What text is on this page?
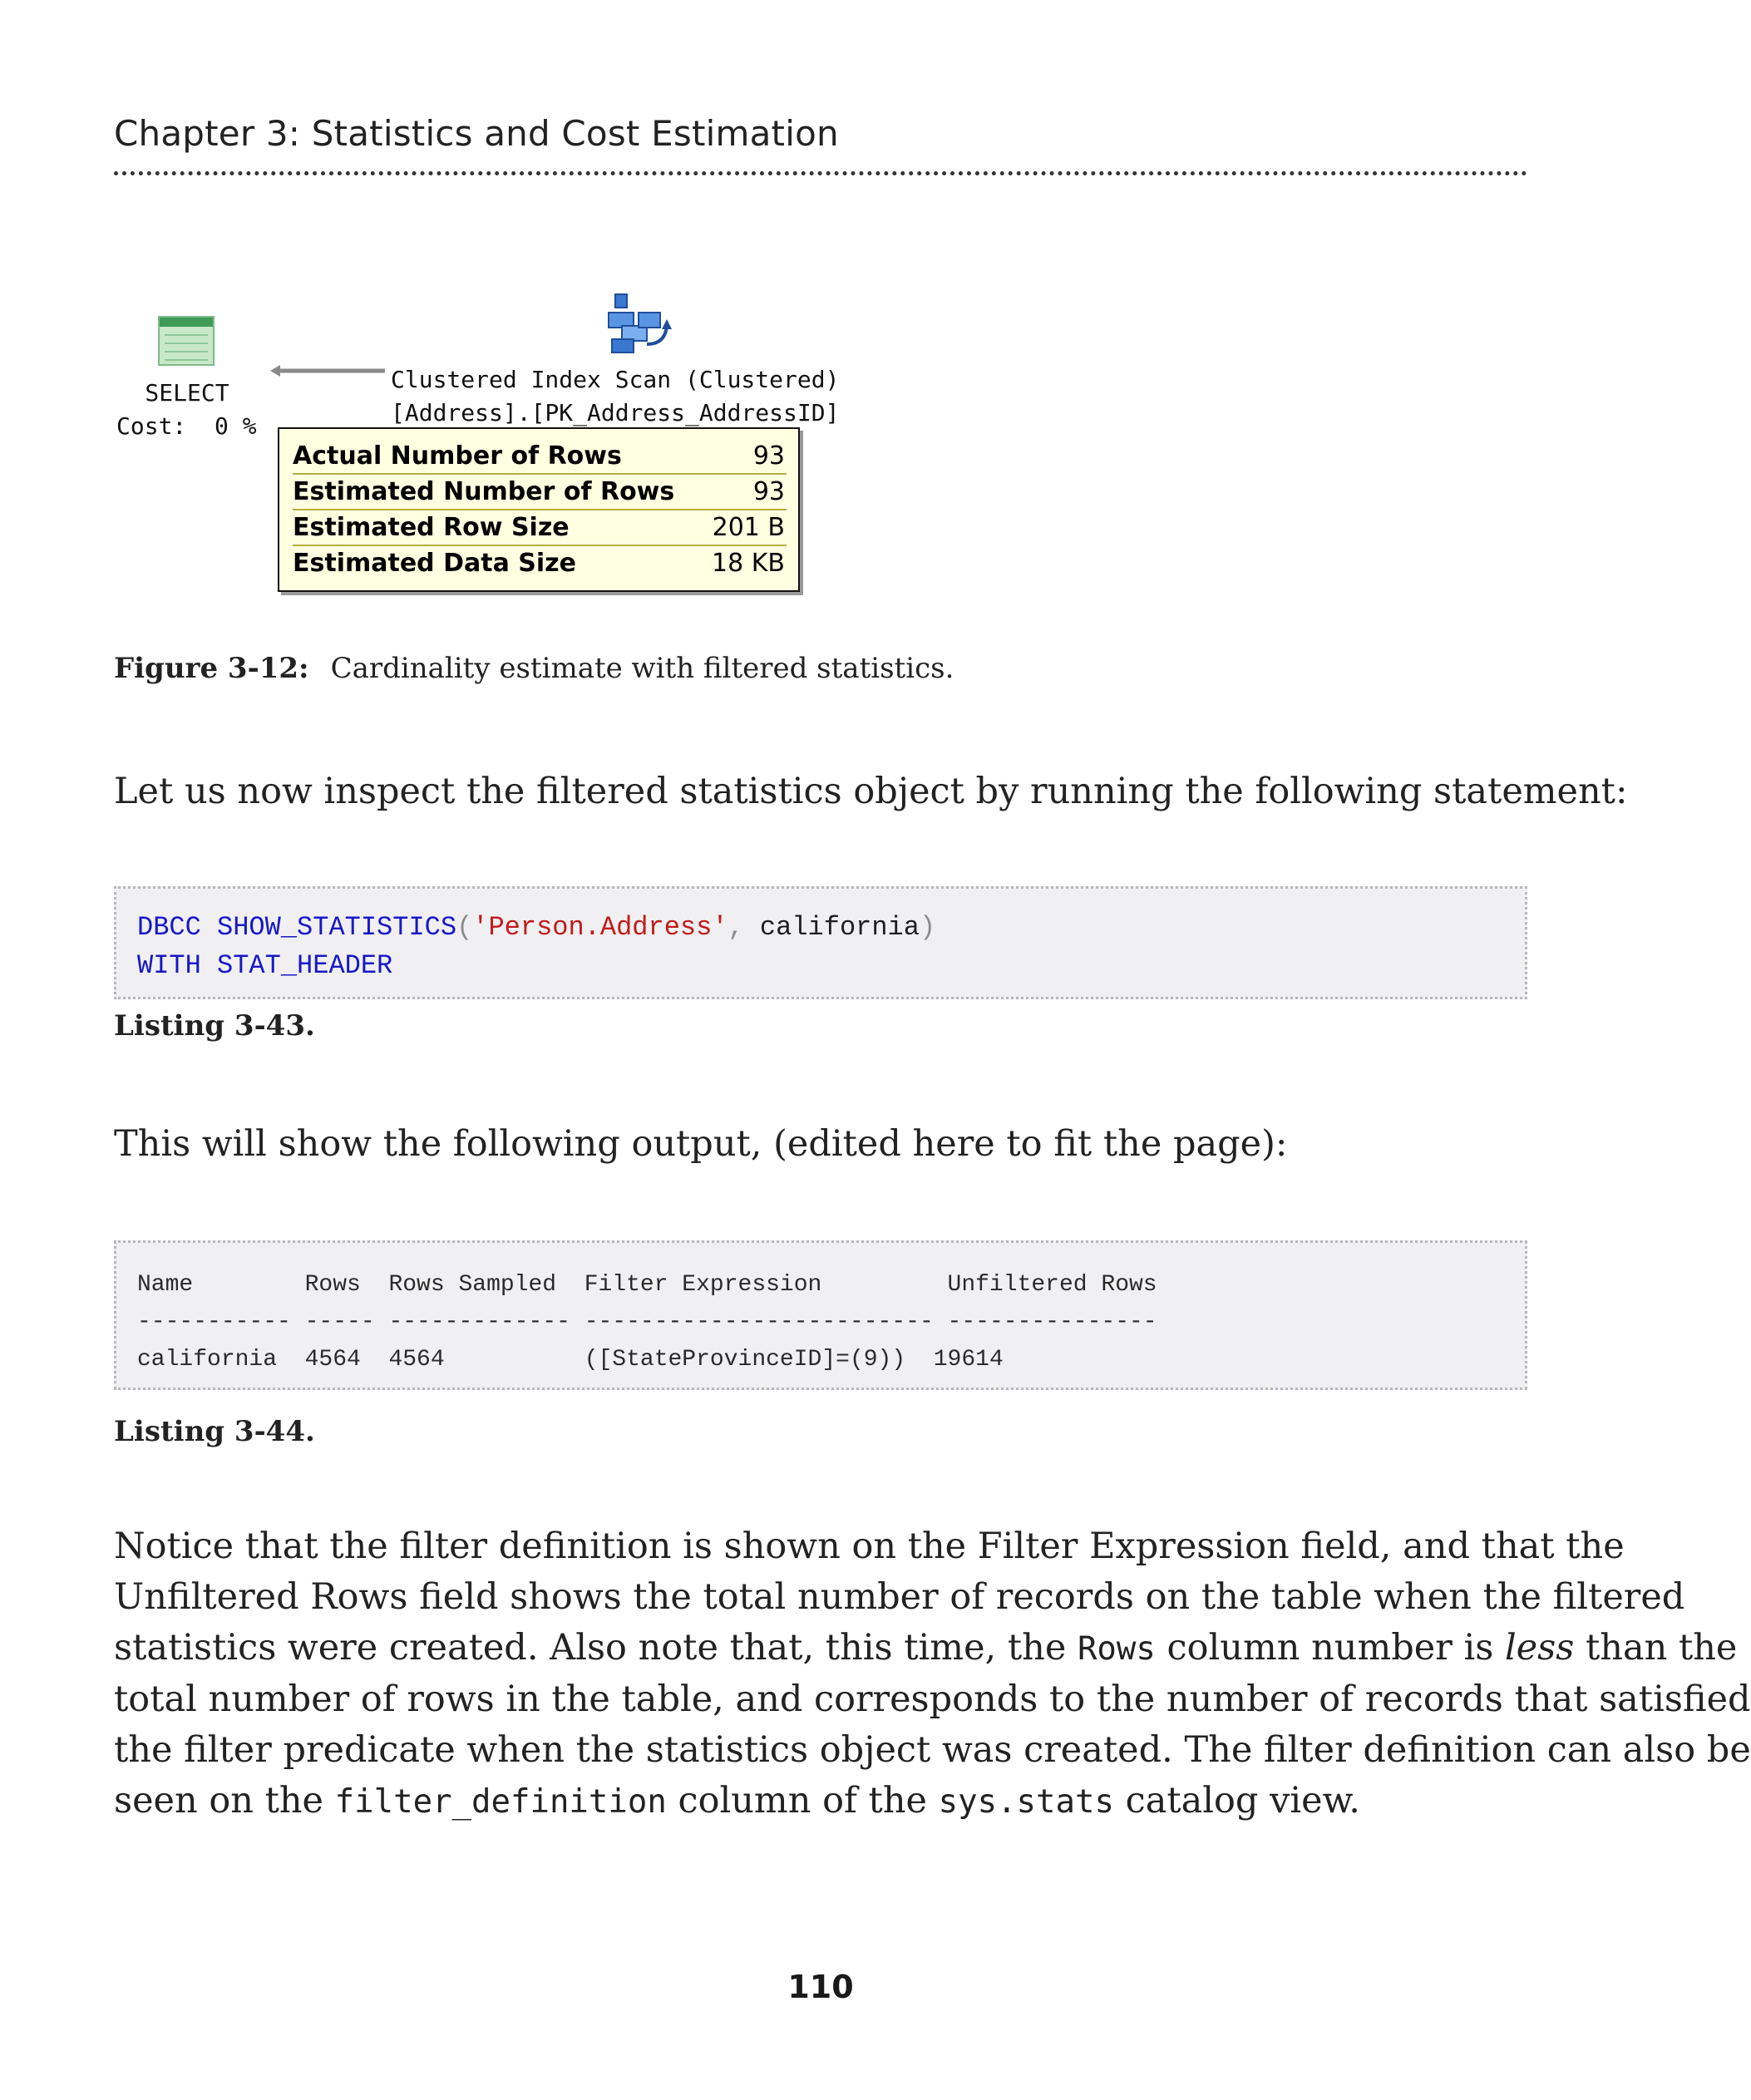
Chapter 3: Statistics and Cost Estimation
SELECT
Cost:  0 %
Clustered Index Scan (Clustered)
[Address].[PK_Address_AddressID]
Actual Number of Rows	93
Estimated Number of Rows	93
Estimated Row Size	201 B
Estimated Data Size	18 KB
Figure 3-12: Cardinality estimate with filtered statistics.
Let us now inspect the filtered statistics object by running the following statement:
DBCC SHOW_STATISTICS('Person.Address', california)
WITH STAT_HEADER
Listing 3-43.
This will show the following output, (edited here to fit the page):
Name        Rows  Rows Sampled  Filter Expression         Unfiltered Rows
----------- ----- ------------- ------------------------- ---------------
california  4564  4564          ([StateProvinceID]=(9))  19614
Listing 3-44.
Notice that the filter definition is shown on the Filter Expression field, and that the
Unfiltered Rows field shows the total number of records on the table when the filtered
statistics were created. Also note that, this time, the Rows column number is less than the
total number of rows in the table, and corresponds to the number of records that satisfied
the filter predicate when the statistics object was created. The filter definition can also be
seen on the filter_definition column of the sys.stats catalog view.
110
